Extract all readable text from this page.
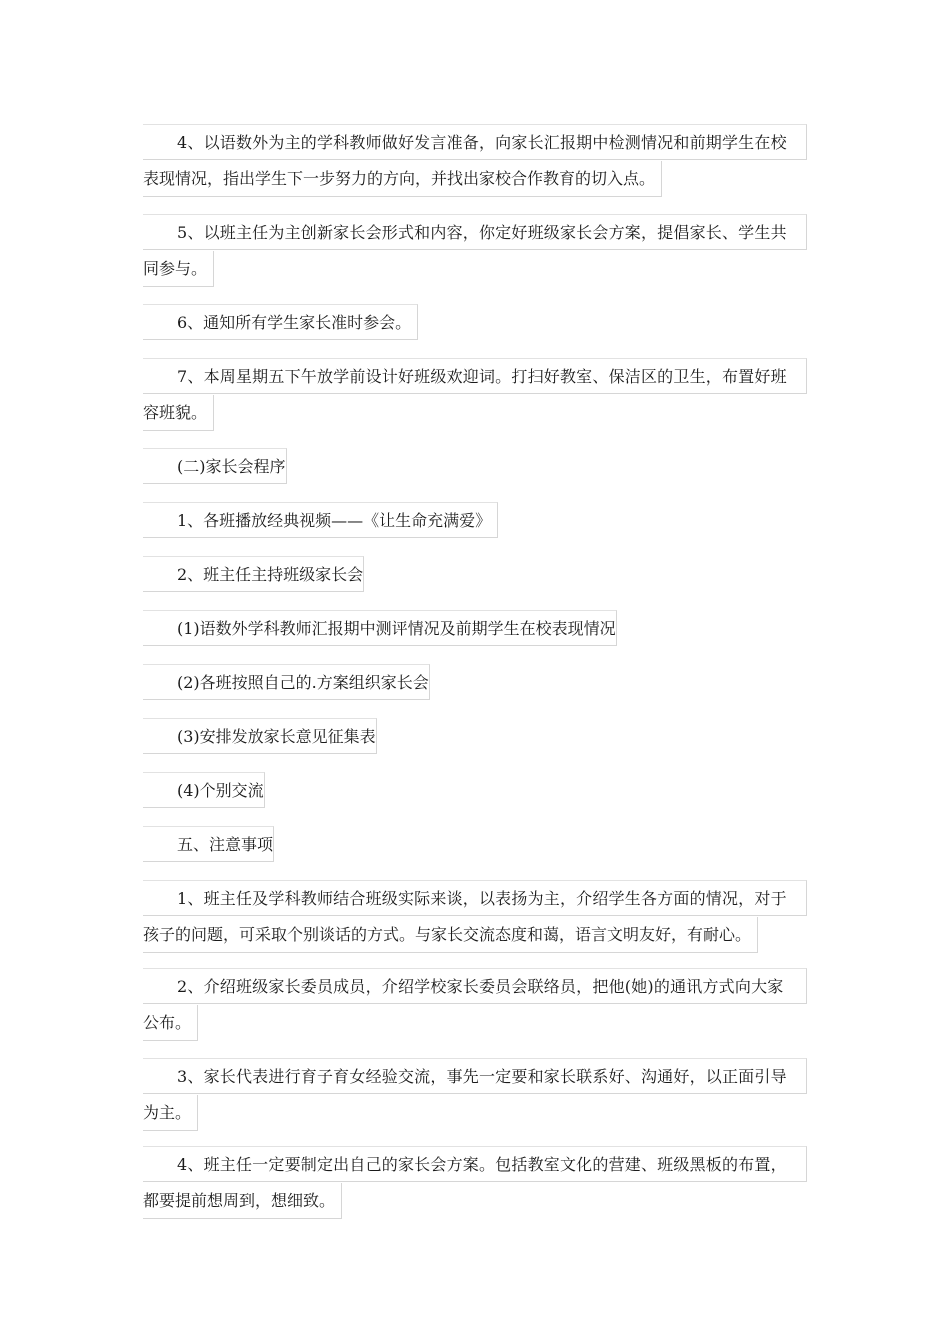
4、以语数外为主的学科教师做好发言准备，向家长汇报期中检测情况和前期学生在校
表现情况，指出学生下一步努力的方向，并找出家校合作教育的切入点。
5、以班主任为主创新家长会形式和内容，你定好班级家长会方案，提倡家长、学生共
同参与。
6、通知所有学生家长准时参会。
7、本周星期五下午放学前设计好班级欢迎词。打扫好教室、保洁区的卫生，布置好班
容班貌。
(二)家长会程序
1、各班播放经典视频——《让生命充满爱》
2、班主任主持班级家长会
(1)语数外学科教师汇报期中测评情况及前期学生在校表现情况
(2)各班按照自己的.方案组织家长会
(3)安排发放家长意见征集表
(4)个别交流
五、注意事项
1、班主任及学科教师结合班级实际来谈，以表扬为主，介绍学生各方面的情况，对于
孩子的问题，可采取个别谈话的方式。与家长交流态度和蔼，语言文明友好，有耐心。
2、介绍班级家长委员成员，介绍学校家长委员会联络员，把他(她)的通讯方式向大家
公布。
3、家长代表进行育子育女经验交流，事先一定要和家长联系好、沟通好，以正面引导
为主。
4、班主任一定要制定出自己的家长会方案。包括教室文化的营建、班级黑板的布置，
都要提前想周到，想细致。
